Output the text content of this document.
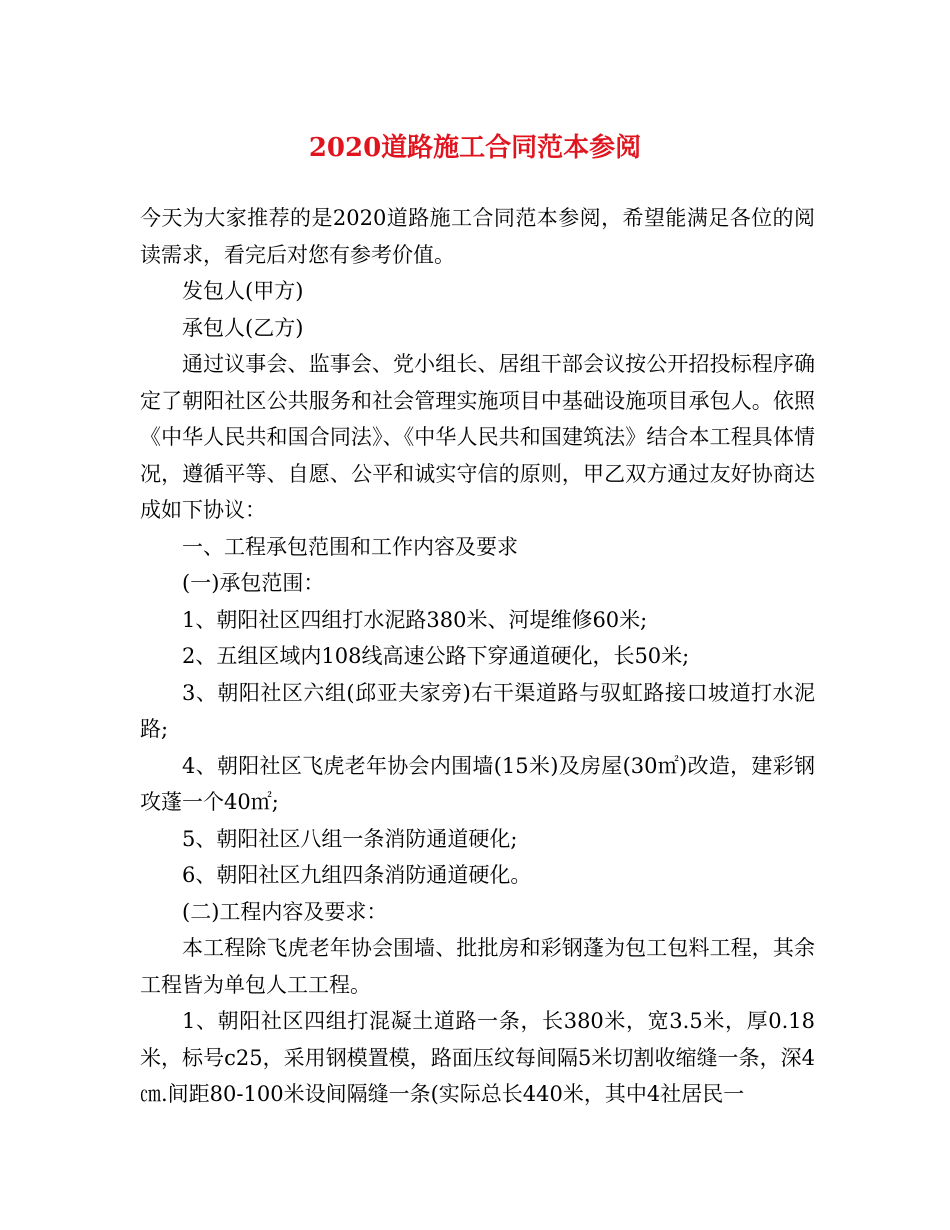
2020道路施工合同范本参阅

今天为大家推荐的是2020道路施工合同范本参阅，希望能满足各位的阅读需求，看完后对您有参考价值。

发包人(甲方)

承包人(乙方)

通过议事会、监事会、党小组长、居组干部会议按公开招投标程序确定了朝阳社区公共服务和社会管理实施项目中基础设施项目承包人。依照《中华人民共和国合同法》、《中华人民共和国建筑法》结合本工程具体情况，遵循平等、自愿、公平和诚实守信的原则，甲乙双方通过友好协商达成如下协议：

一、工程承包范围和工作内容及要求

(一)承包范围：

1、朝阳社区四组打水泥路380米、河堤维修60米;

2、五组区域内108线高速公路下穿通道硬化，长50米;

3、朝阳社区六组(邱亚夫家旁)右干渠道路与驭虹路接口坡道打水泥路;

4、朝阳社区飞虎老年协会内围墙(15米)及房屋(30㎡)改造，建彩钢攻蓬一个40㎡;

5、朝阳社区八组一条消防通道硬化;

6、朝阳社区九组四条消防通道硬化。

(二)工程内容及要求：

本工程除飞虎老年协会围墙、批批房和彩钢蓬为包工包料工程，其余工程皆为单包人工工程。

1、朝阳社区四组打混凝土道路一条，长380米，宽3.5米，厚0.18米，标号c25，采用钢模置模，路面压纹每间隔5米切割收缩缝一条，深4㎝.间距80-100米设间隔缝一条(实际总长440米，其中4社居民一
